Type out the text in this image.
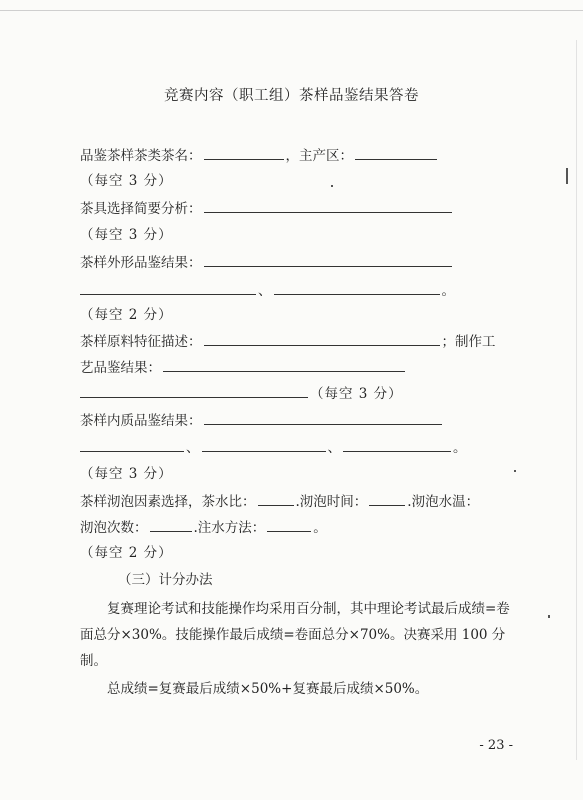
竞赛内容（职工组）茶样品鉴结果答卷
品鉴茶样茶类茶名：	，主产区：
（每空 3 分）
茶具选择简要分析：
（每空 3 分）
茶样外形品鉴结果：
、	。
（每空 2 分）
茶样原料特征描述：	；制作工
艺品鉴结果：
（每空 3 分）
茶样内质品鉴结果：
、	、	。
（每空 3 分）
茶样沏泡因素选择，茶水比：	.沏泡时间：	.沏泡水温：
沏泡次数：	.注水方法：	。
（每空 2 分）
（三）计分办法
复赛理论考试和技能操作均采用百分制，其中理论考试最后成绩=卷面总分×30%。技能操作最后成绩=卷面总分×70%。决赛采用 100 分制。
总成绩=复赛最后成绩×50%+复赛最后成绩×50%。
- 23 -
